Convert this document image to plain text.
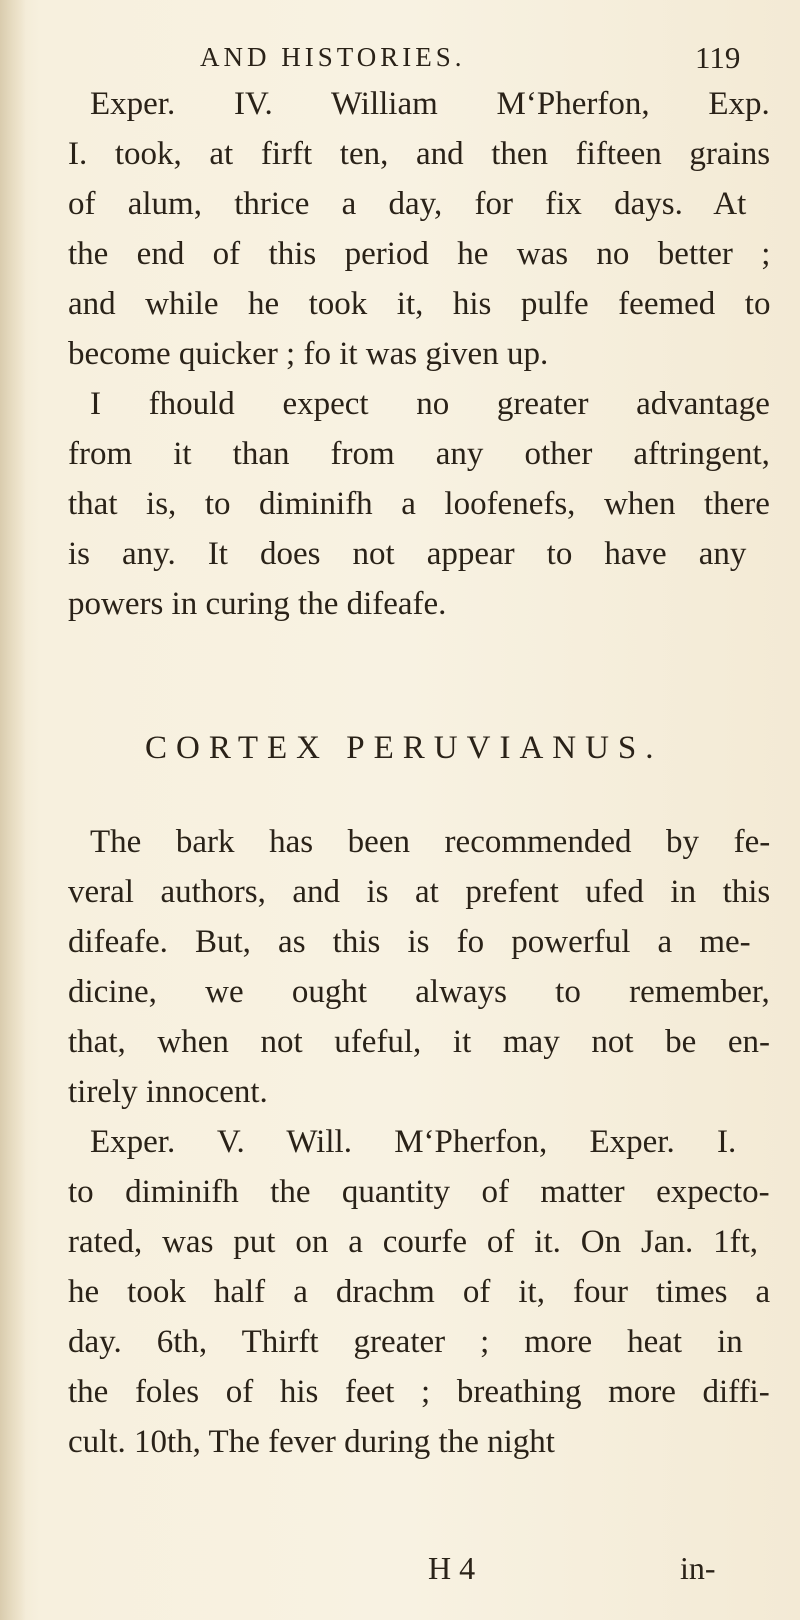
AND HISTORIES.	119
Exper. IV. William M‘Pherfon, Exp.
I. took, at firft ten, and then fifteen grains
of alum, thrice a day, for fix days. At
the end of this period he was no better ;
and while he took it, his pulfe feemed to
become quicker ; fo it was given up.
I fhould expect no greater advantage
from it than from any other aftringent,
that is, to diminifh a loofenefs, when there
is any. It does not appear to have any
powers in curing the difeafe.
CORTEX PERUVIANUS.
The bark has been recommended by fe-
veral authors, and is at prefent ufed in this
difeafe. But, as this is fo powerful a me-
dicine, we ought always to remember,
that, when not ufeful, it may not be en-
tirely innocent.
Exper. V. Will. M‘Pherfon, Exper. I.
to diminifh the quantity of matter expecto-
rated, was put on a courfe of it. On Jan. 1ft,
he took half a drachm of it, four times a
day. 6th, Thirft greater ; more heat in
the foles of his feet ; breathing more diffi-
cult. 10th, The fever during the night
H 4	in-
